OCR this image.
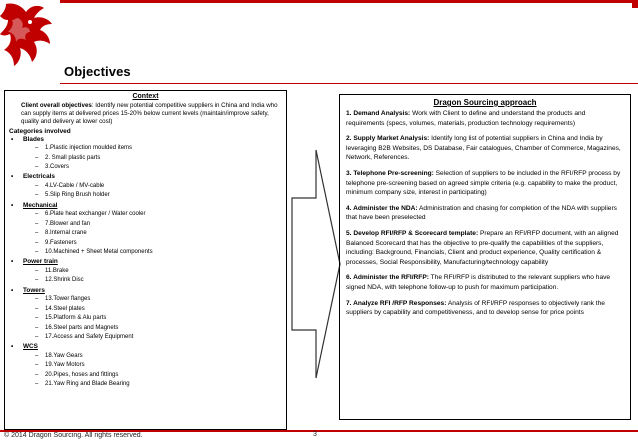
Objectives
Context
Client overall objectives: Identify new potential competitive suppliers in China and India who can supply items at delivered prices 15-20% below current levels (maintain/improve safety, quality and delivery at lower cost)
Categories involved
• Blades
– 1.Plastic injection moulded items
– 2. Small plastic parts
– 3.Covers
• Electricals
– 4.LV-Cable / MV-cable
– 5.Slip Ring Brush holder
• Mechanical
– 6.Plate heat exchanger / Water cooler
– 7.Blower and fan
– 8.Internal crane
– 9.Fasteners
– 10.Machined + Sheet Metal components
• Power train
– 11.Brake
– 12.Shrink Disc
• Towers
– 13.Tower flanges
– 14.Steel plates
– 15.Platform & Alu parts
– 16.Steel parts and Magnets
– 17.Access and Safety Equipment
• WCS
– 18.Yaw Gears
– 19.Yaw Motors
– 20.Pipes, hoses and fittings
– 21.Yaw Ring and Blade Bearing
Dragon Sourcing approach
1. Demand Analysis: Work with Client to define and understand the products and requirements (specs, volumes, materials, production technology requirements)
2. Supply Market Analysis: Identify long list of potential suppliers in China and India by leveraging B2B Websites, DS Database, Fair catalogues, Chamber of Commerce, Magazines, Network, References.
3. Telephone Pre-screening: Selection of suppliers to be included in the RFI/RFP process by telephone pre-screening based on agreed simple criteria (e.g. capability to make the product, minimum company size, interest in participating)
4. Administer the NDA: Administration and chasing for completion of the NDA with suppliers that have been preselected
5. Develop RFI/RFP & Scorecard template: Prepare an RFI/RFP document, with an aligned Balanced Scorecard that has the objective to pre-qualify the capabilities of the suppliers, including: Background, Financials, Client and product experience, Quality certification & processes, Social Responsibility, Manufacturing/technology capability
6. Administer the RFI/RFP: The RFI/RFP is distributed to the relevant suppliers who have signed NDA, with telephone follow-up to push for maximum participation.
7. Analyze RFI /RFP Responses: Analysis of RFI/RFP responses to objectively rank the suppliers by capability and competitiveness, and to develop sense for price points
© 2014 Dragon Sourcing. All rights reserved.	3
